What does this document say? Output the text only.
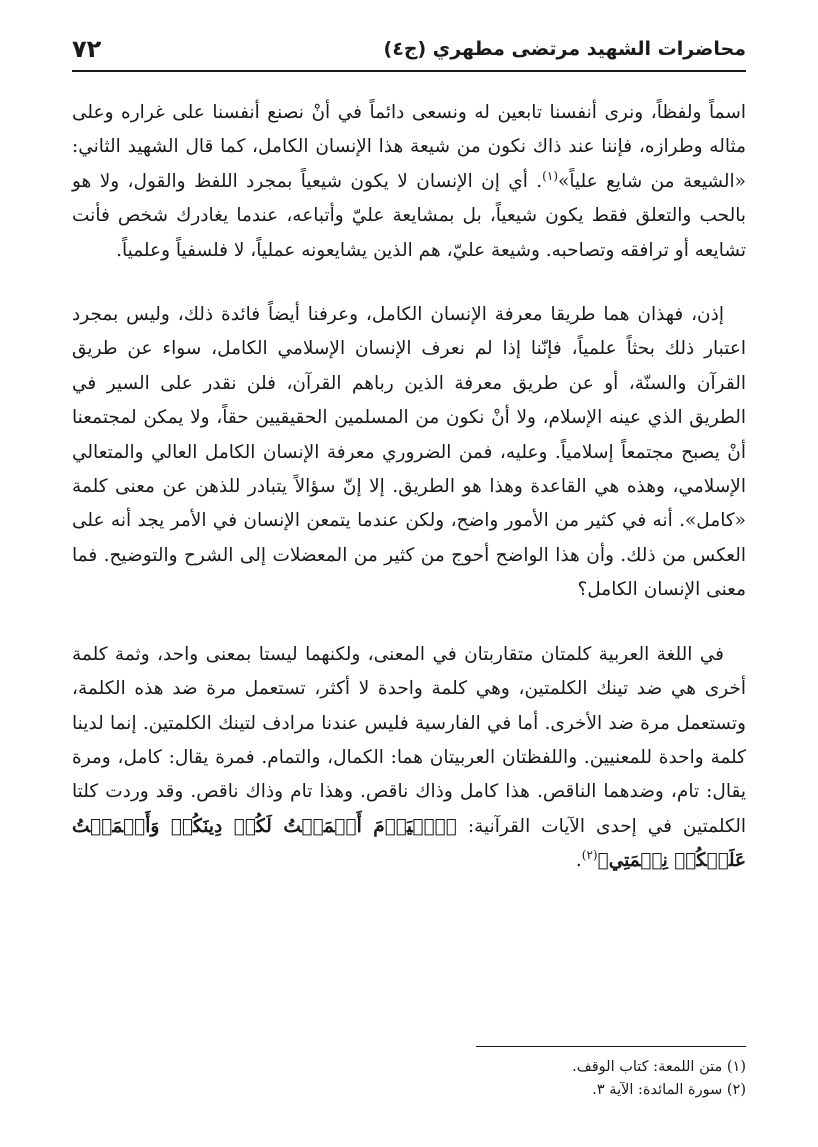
محاضرات الشهيد مرتضى مطهري (ج٤)
٧٢

اسماً ولفظاً، ونرى أنفسنا تابعين له ونسعى دائماً في أنْ نصنع أنفسنا على غراره وعلى مثاله وطرازه، فإننا عند ذاك نكون من شيعة هذا الإنسان الكامل، كما قال الشهيد الثاني: «الشيعة من شايع علياً»$^{(١)}$. أي إن الإنسان لا يكون شيعياً بمجرد اللفظ والقول، ولا هو بالحب والتعلق فقط يكون شيعياً، بل بمشايعة عليّ وأتباعه، عندما يغادرك شخص فأنت تشايعه أو ترافقه وتصاحبه. وشيعة عليّ، هم الذين يشايعونه عملياً، لا فلسفياً وعلمياً.

إذن، فهذان هما طريقا معرفة الإنسان الكامل، وعرفنا أيضاً فائدة ذلك، وليس بمجرد اعتبار ذلك بحثاً علمياً، فإنّنا إذا لم نعرف الإنسان الإسلامي الكامل، سواء عن طريق القرآن والسنّة، أو عن طريق معرفة الذين رباهم القرآن، فلن نقدر على السير في الطريق الذي عينه الإسلام، ولا أنْ نكون من المسلمين الحقيقيين حقاً، ولا يمكن لمجتمعنا أنْ يصبح مجتمعاً إسلامياً. وعليه، فمن الضروري معرفة الإنسان الكامل العالي والمتعالي الإسلامي، وهذه هي القاعدة وهذا هو الطريق. إلا إنّ سؤالاً يتبادر للذهن عن معنى كلمة «كامل». أنه في كثير من الأمور واضح، ولكن عندما يتمعن الإنسان في الأمر يجد أنه على العكس من ذلك. وأن هذا الواضح أحوج من كثير من المعضلات إلى الشرح والتوضيح. فما معنى الإنسان الكامل؟

في اللغة العربية كلمتان متقاربتان في المعنى، ولكنهما ليستا بمعنى واحد، وثمة كلمة أخرى هي ضد تينك الكلمتين، وهي كلمة واحدة لا أكثر، تستعمل مرة ضد هذه الكلمة، وتستعمل مرة ضد الأخرى. أما في الفارسية فليس عندنا مرادف لتينك الكلمتين. إنما لدينا كلمة واحدة للمعنيين. واللفظتان العربيتان هما: الكمال، والتمام. فمرة يقال: كامل، ومرة يقال: تام، وضدهما الناقص. هذا كامل وذاك ناقص. وهذا تام وذاك ناقص. وقد وردت كلتا الكلمتين في إحدى الآيات القرآنية: ﴿ٱلۡيَوۡمَ أَكۡمَلۡتُ لَكُمۡ دِينَكُمۡ وَأَتۡمَمۡتُ عَلَيۡكُمۡ نِعۡمَتِي﴾$^{(٢)}$.

(١) متن اللمعة: كتاب الوقف.
(٢) سورة المائدة: الآية ٣.
